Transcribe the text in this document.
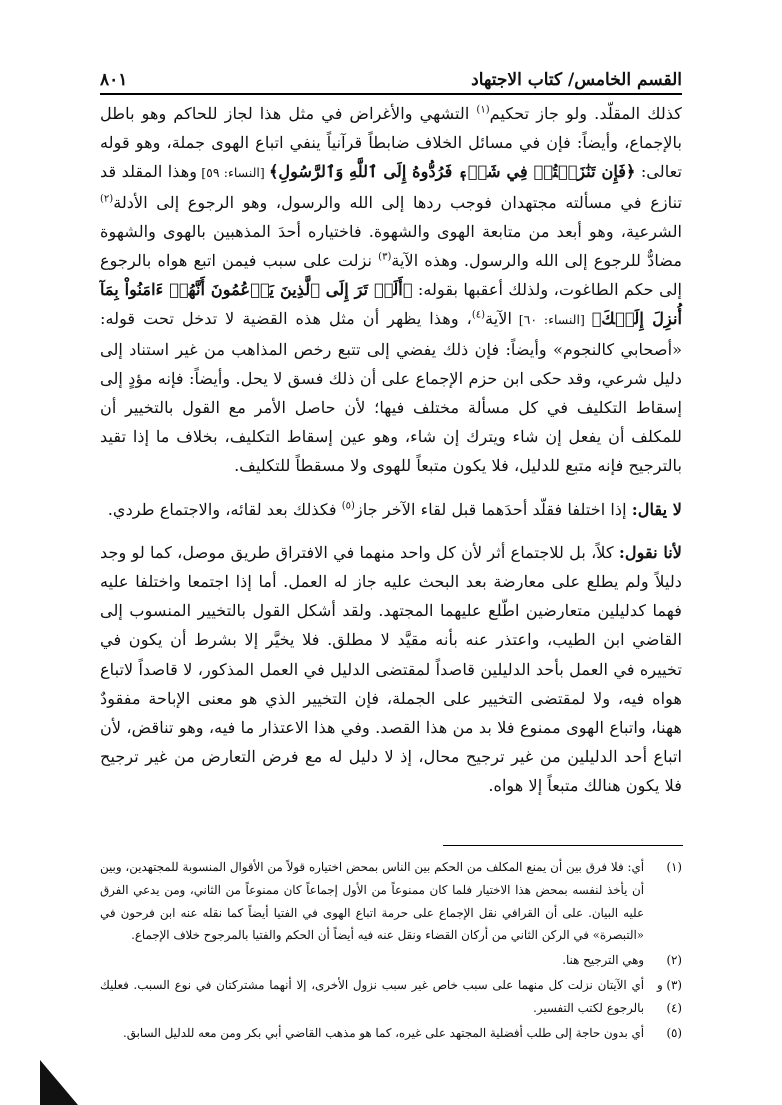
القسم الخامس/ كتاب الاجتهاد
٨٠١

كذلك المقلّد. ولو جاز تحكيم$^{(١)}$ التشهي والأغراض في مثل هذا لجاز للحاكم وهو باطل بالإجماع، وأيضاً: فإن في مسائل الخلاف ضابطاً قرآنياً ينفي اتباع الهوى جملة، وهو قوله تعالى: ﴿فَإِن تَنَٰزَعۡتُمۡ فِي شَيۡءٖ فَرُدُّوهُ إِلَى ٱللَّهِ وَٱلرَّسُولِ﴾ [النساء: ٥٩] وهذا المقلد قد تنازع في مسألته مجتهدان فوجب ردها إلى الله والرسول، وهو الرجوع إلى الأدلة$^{(٢)}$ الشرعية، وهو أبعد من متابعة الهوى والشهوة. فاختياره أحدَ المذهبين بالهوى والشهوة مضادٌّ للرجوع إلى الله والرسول. وهذه الآية$^{(٣)}$ نزلت على سبب فيمن اتبع هواه بالرجوع إلى حكم الطاغوت، ولذلك أعقبها بقوله: ﴿أَلَمۡ تَرَ إِلَى ٱلَّذِينَ يَزۡعُمُونَ أَنَّهُمۡ ءَامَنُواْ بِمَآ أُنزِلَ إِلَيۡكَ﴾ [النساء: ٦٠] الآية$^{(٤)}$، وهذا يظهر أن مثل هذه القضية لا تدخل تحت قوله: «أصحابي كالنجوم» وأيضاً: فإن ذلك يفضي إلى تتبع رخص المذاهب من غير استناد إلى دليل شرعي، وقد حكى ابن حزم الإجماع على أن ذلك فسق لا يحل. وأيضاً: فإنه مؤدٍ إلى إسقاط التكليف في كل مسألة مختلف فيها؛ لأن حاصل الأمر مع القول بالتخيير أن للمكلف أن يفعل إن شاء ويترك إن شاء، وهو عين إسقاط التكليف، بخلاف ما إذا تقيد بالترجيح فإنه متبع للدليل، فلا يكون متبعاً للهوى ولا مسقطاً للتكليف.

لا يقال: إذا اختلفا فقلّد أحدَهما قبل لقاء الآخر جاز$^{(٥)}$ فكذلك بعد لقائه، والاجتماع طردي.

لأنا نقول: كلاً، بل للاجتماع أثر لأن كل واحد منهما في الافتراق طريق موصل، كما لو وجد دليلاً ولم يطلع على معارضة بعد البحث عليه جاز له العمل. أما إذا اجتمعا واختلفا عليه فهما كدليلين متعارضين اطّلع عليهما المجتهد. ولقد أشكل القول بالتخيير المنسوب إلى القاضي ابن الطيب، واعتذر عنه بأنه مقيَّد لا مطلق. فلا يخيَّر إلا بشرط أن يكون في تخييره في العمل بأحد الدليلين قاصداً لمقتضى الدليل في العمل المذكور، لا قاصداً لاتباع هواه فيه، ولا لمقتضى التخيير على الجملة، فإن التخيير الذي هو معنى الإباحة مفقودٌ ههنا، واتباع الهوى ممنوع فلا بد من هذا القصد. وفي هذا الاعتذار ما فيه، وهو تناقض، لأن اتباع أحد الدليلين من غير ترجيح محال، إذ لا دليل له مع فرض التعارض من غير ترجيح فلا يكون هنالك متبعاً إلا هواه.

(١)
أي: فلا فرق بين أن يمنع المكلف من الحكم بين الناس بمحض اختياره قولاً من الأقوال المنسوبة للمجتهدين، وبين أن يأخذ لنفسه بمحض هذا الاختيار فلما كان ممنوعاً من الأول إجماعاً كان ممنوعاً من الثاني، ومن يدعي الفرق عليه البيان. على أن القرافي نقل الإجماع على حرمة اتباع الهوى في الفتيا أيضاً كما نقله عنه ابن فرحون في «التبصرة» في الركن الثاني من أركان القضاء ونقل عنه فيه أيضاً أن الحكم والفتيا بالمرجوح خلاف الإجماع.
(٢)
وهي الترجيح هنا.
(٣) و (٤)
أي الآيتان نزلت كل منهما على سبب خاص غير سبب نزول الأخرى، إلا أنهما مشتركتان في نوع السبب. فعليك بالرجوع لكتب التفسير.
(٥)
أي بدون حاجة إلى طلب أفضلية المجتهد على غيره، كما هو مذهب القاضي أبي بكر ومن معه للدليل السابق.
